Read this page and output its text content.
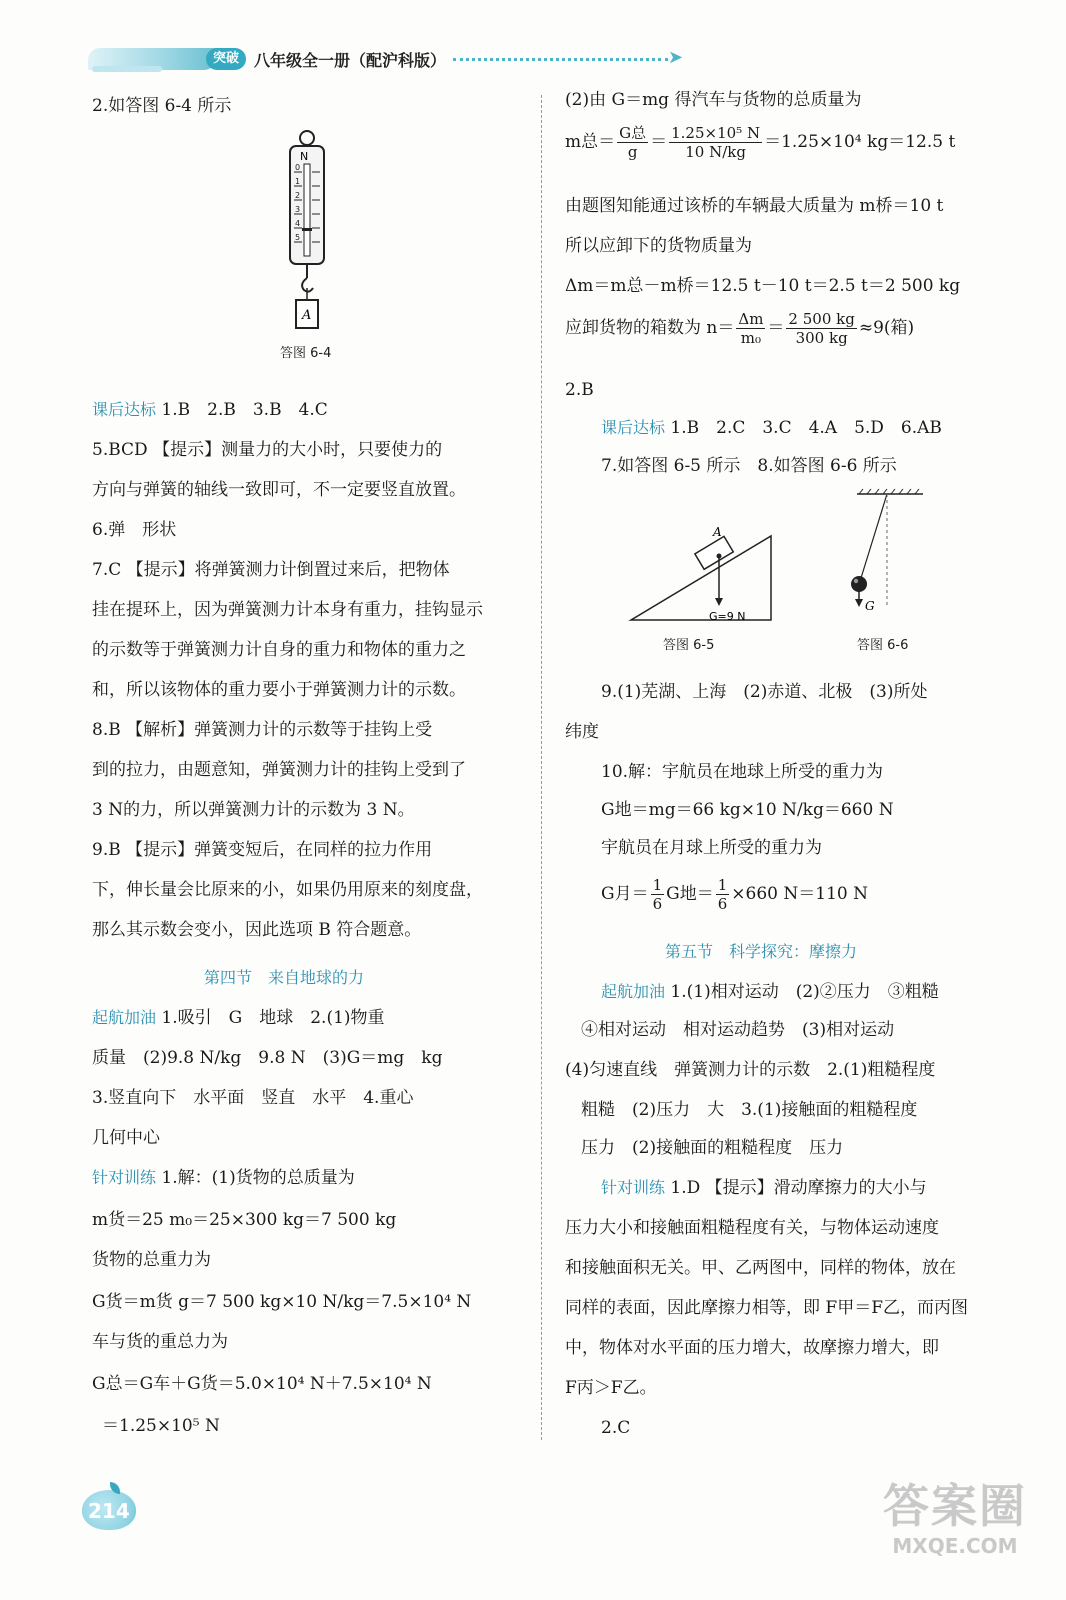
突破 八年级全一册（配沪科版）	➤
2.如答图 6-4 所示
N
0
1
2
3
4
5
A
答图 6-4
课后达标 1.B　2.B　3.B　4.C
5.BCD 【提示】测量力的大小时，只要使力的
方向与弹簧的轴线一致即可，不一定要竖直放置。
6.弹　形状
7.C 【提示】将弹簧测力计倒置过来后，把物体
挂在提环上，因为弹簧测力计本身有重力，挂钩显示
的示数等于弹簧测力计自身的重力和物体的重力之
和，所以该物体的重力要小于弹簧测力计的示数。
8.B 【解析】弹簧测力计的示数等于挂钩上受
到的拉力，由题意知，弹簧测力计的挂钩上受到了
3 N的力，所以弹簧测力计的示数为 3 N。
9.B 【提示】弹簧变短后，在同样的拉力作用
下，伸长量会比原来的小，如果仍用原来的刻度盘，
那么其示数会变小，因此选项 B 符合题意。
第四节　来自地球的力
起航加油 1.吸引　G　地球　2.(1)物重
质量　(2)9.8 N/kg　9.8 N　(3)G＝mg　kg
3.竖直向下　水平面　竖直　水平　4.重心
几何中心
针对训练 1.解：(1)货物的总质量为
m货＝25 m₀＝25×300 kg＝7 500 kg
货物的总重力为
G货＝m货 g＝7 500 kg×10 N/kg＝7.5×10⁴ N
车与货的重总力为
G总＝G车＋G货＝5.0×10⁴ N＋7.5×10⁴ N
＝1.25×10⁵ N
(2)由 G＝mg 得汽车与货物的总质量为
m总＝ G总
$g = \frac{\text{1.25×10⁵ N}}{10 N/kg} =1.25\times 10^4$ kg＝12.5 t
由题图知能通过该桥的车辆最大质量为 m桥＝10 t
所以应卸下的货物质量为
Δm＝m总－m桥＝12.5 t－10 t＝2.5 t＝2 500 kg
应卸货物的箱数为 $n= \frac{\Delta m}{\text{m₀}} = \frac{2 500 kg}{300 kg} \approx 9$(箱)
2.B
课后达标 1.B　2.C　3.C　4.A　5.D　6.AB
7.如答图 6-5 所示　8.如答图 6-6 所示
A
G=9 N
答图 6-5
G
答图 6-6
9.(1)芜湖、上海　(2)赤道、北极　(3)所处
纬度
10.解：宇航员在地球上所受的重力为
G地＝mg＝66 kg×10 N/kg＝660 N
宇航员在月球上所受的重力为
G月＝ $\frac{1}{6}$ G地＝ $\frac{1}{6} \times 660$ N＝110 N
第五节　科学探究：摩擦力
起航加油 1.(1)相对运动　(2)②压力　③粗糙
④相对运动　相对运动趋势　(3)相对运动
(4)匀速直线　弹簧测力计的示数　2.(1)粗糙程度
粗糙　(2)压力　大　3.(1)接触面的粗糙程度
压力　(2)接触面的粗糙程度　压力
针对训练 1.D 【提示】滑动摩擦力的大小与
压力大小和接触面粗糙程度有关，与物体运动速度
和接触面积无关。甲、乙两图中，同样的物体，放在
同样的表面，因此摩擦力相等，即 F甲＝F乙，而丙图
中，物体对水平面的压力增大，故摩擦力增大，即
F丙＞F乙。
2.C
214	答案圈
MXQE.COM
